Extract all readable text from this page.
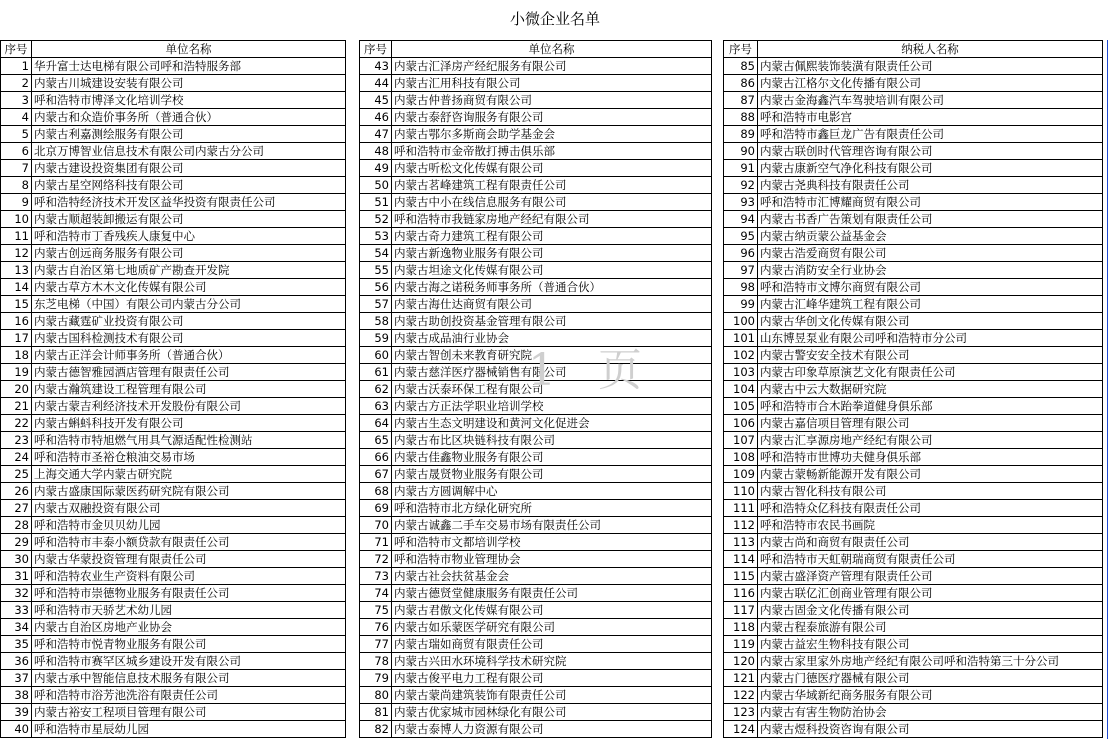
小微企业名单
序号	单位名称
1	华升富士达电梯有限公司呼和浩特服务部
2	内蒙古川城建设安装有限公司
3	呼和浩特市博泽文化培训学校
4	内蒙古和众造价事务所（普通合伙）
5	内蒙古利嘉测绘服务有限公司
6	北京万博智业信息技术有限公司内蒙古分公司
7	内蒙古建设投资集团有限公司
8	内蒙古星空网络科技有限公司
9	呼和浩特经济技术开发区益华投资有限责任公司
10	内蒙古顺超装卸搬运有限公司
11	呼和浩特市丁香残疾人康复中心
12	内蒙古创远商务服务有限公司
13	内蒙古自治区第七地质矿产勘查开发院
14	内蒙古草方木木文化传媒有限公司
15	东芝电梯（中国）有限公司内蒙古分公司
16	内蒙古藏霆矿业投资有限公司
17	内蒙古国科检测技术有限公司
18	内蒙古正洋会计师事务所（普通合伙）
19	内蒙古德智雅园酒店管理有限责任公司
20	内蒙古瀚筑建设工程管理有限公司
21	内蒙古蒙吉利经济技术开发股份有限公司
22	内蒙古蝌蚪科技开发有限公司
23	呼和浩特市特旭燃气用具气源适配性检测站
24	呼和浩特市圣裕仓粮油交易市场
25	上海交通大学内蒙古研究院
26	内蒙古盛康国际蒙医药研究院有限公司
27	内蒙古双融投资有限公司
28	呼和浩特市金贝贝幼儿园
29	呼和浩特市丰泰小额贷款有限责任公司
30	内蒙古华蒙投资管理有限责任公司
31	呼和浩特农业生产资料有限公司
32	呼和浩特市崇德物业服务有限责任公司
33	呼和浩特市天骄艺术幼儿园
34	内蒙古自治区房地产业协会
35	呼和浩特市悦青物业服务有限公司
36	呼和浩特市赛罕区城乡建设开发有限公司
37	内蒙古承中智能信息技术服务有限公司
38	呼和浩特市浴芳池洗浴有限责任公司
39	内蒙古裕安工程项目管理有限公司
40	呼和浩特市星辰幼儿园
序号	单位名称
43	内蒙古汇泽房产经纪服务有限公司
44	内蒙古汇用科技有限公司
45	内蒙古仲普扬商贸有限公司
46	内蒙古泰舒咨询服务有限公司
47	内蒙古鄂尔多斯商会助学基金会
48	呼和浩特市金帝散打搏击俱乐部
49	内蒙古听松文化传媒有限公司
50	内蒙古茗峰建筑工程有限责任公司
51	内蒙古中小在线信息服务有限公司
52	呼和浩特市我链家房地产经纪有限公司
53	内蒙古奇力建筑工程有限公司
54	内蒙古新逸物业服务有限公司
55	内蒙古坦途文化传媒有限公司
56	内蒙古海之诺税务师事务所（普通合伙）
57	内蒙古海仕达商贸有限公司
58	内蒙古助创投资基金管理有限公司
59	内蒙古成品油行业协会
60	内蒙古智创未来教育研究院
61	内蒙古慈洋医疗器械销售有限公司
62	内蒙古沃泰环保工程有限公司
63	内蒙古方正法学职业培训学校
64	内蒙古生态文明建设和黄河文化促进会
65	内蒙古布比区块链科技有限公司
66	内蒙古佳鑫物业服务有限公司
67	内蒙古晟贤物业服务有限公司
68	内蒙古方圆调解中心
69	呼和浩特市北方绿化研究所
70	内蒙古诚鑫二手车交易市场有限责任公司
71	呼和浩特市文都培训学校
72	呼和浩特市物业管理协会
73	内蒙古社会扶贫基金会
74	内蒙古德贤堂健康服务有限责任公司
75	内蒙古君傲文化传媒有限公司
76	内蒙古如乐蒙医学研究有限公司
77	内蒙古瑞如商贸有限责任公司
78	内蒙古兴田水环境科学技术研究院
79	内蒙古俊平电力工程有限公司
80	内蒙古蒙尚建筑装饰有限责任公司
81	内蒙古优家城市园林绿化有限公司
82	内蒙古泰博人力资源有限公司
序号	纳税人名称
85	内蒙古佩熙装饰装潢有限责任公司
86	内蒙古江格尔文化传播有限公司
87	内蒙古金海鑫汽车驾驶培训有限公司
88	呼和浩特市电影宫
89	呼和浩特市鑫巨龙广告有限责任公司
90	内蒙古联创时代管理咨询有限公司
91	内蒙古康新空气净化科技有限公司
92	内蒙古尧典科技有限责任公司
93	呼和浩特市汇博耀商贸有限公司
94	内蒙古书香广告策划有限责任公司
95	内蒙古纳贡蒙公益基金会
96	内蒙古浩爱商贸有限公司
97	内蒙古消防安全行业协会
98	呼和浩特市文博尔商贸有限公司
99	内蒙古汇峰华建筑工程有限公司
100	内蒙古华创文化传媒有限公司
101	山东博昱泵业有限公司呼和浩特市分公司
102	内蒙古警安安全技术有限公司
103	内蒙古印象草原演艺文化有限责任公司
104	内蒙古中云大数据研究院
105	呼和浩特市合木跆拳道健身俱乐部
106	内蒙古嘉信项目管理有限公司
107	内蒙古汇享源房地产经纪有限公司
108	呼和浩特市世博功夫健身俱乐部
109	内蒙古蒙畅新能源开发有限公司
110	内蒙古智化科技有限公司
111	呼和浩特众亿科技有限责任公司
112	呼和浩特市农民书画院
113	内蒙古尚和商贸有限责任公司
114	呼和浩特市天虹朝瑞商贸有限责任公司
115	内蒙古盛泽资产管理有限责任公司
116	内蒙古联亿汇创商业管理有限公司
117	内蒙古固金文化传播有限公司
118	内蒙古程泰旅游有限公司
119	内蒙古益宏生物科技有限公司
120	内蒙古家里家外房地产经纪有限公司呼和浩特第三十分公司
121	内蒙古门德医疗器械有限公司
122	内蒙古华域新纪商务服务有限公司
123	内蒙古有害生物防治协会
124	内蒙古煜科投资咨询有限公司
1 页
